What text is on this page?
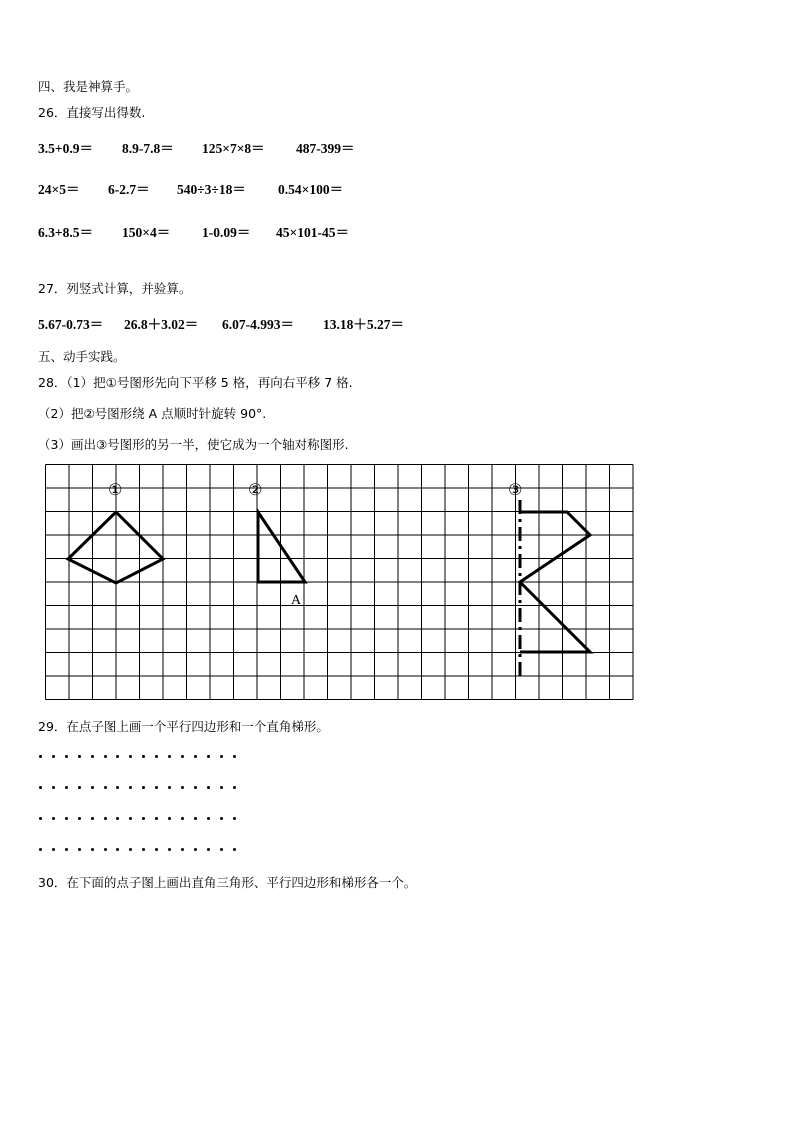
四、我是神算手。
26．直接写出得数.
3.5+0.9＝ 8.9-7.8＝ 125×7×8＝ 487-399＝
24×5＝ 6-2.7＝ 540÷3÷18＝ 0.54×100＝
6.3+8.5＝ 150×4＝ 1-0.09＝ 45×101-45＝
27．列竖式计算，并验算。
5.67-0.73＝ 26.8＋3.02＝ 6.07-4.993＝ 13.18＋5.27＝
五、动手实践。
28．（1）把①号图形先向下平移 5 格，再向右平移 7 格.
（2）把②号图形绕 A 点顺时针旋转 90°.
（3）画出③号图形的另一半，使它成为一个轴对称图形.
①	②	③
A
29．在点子图上画一个平行四边形和一个直角梯形。
30．在下面的点子图上画出直角三角形、平行四边形和梯形各一个。
